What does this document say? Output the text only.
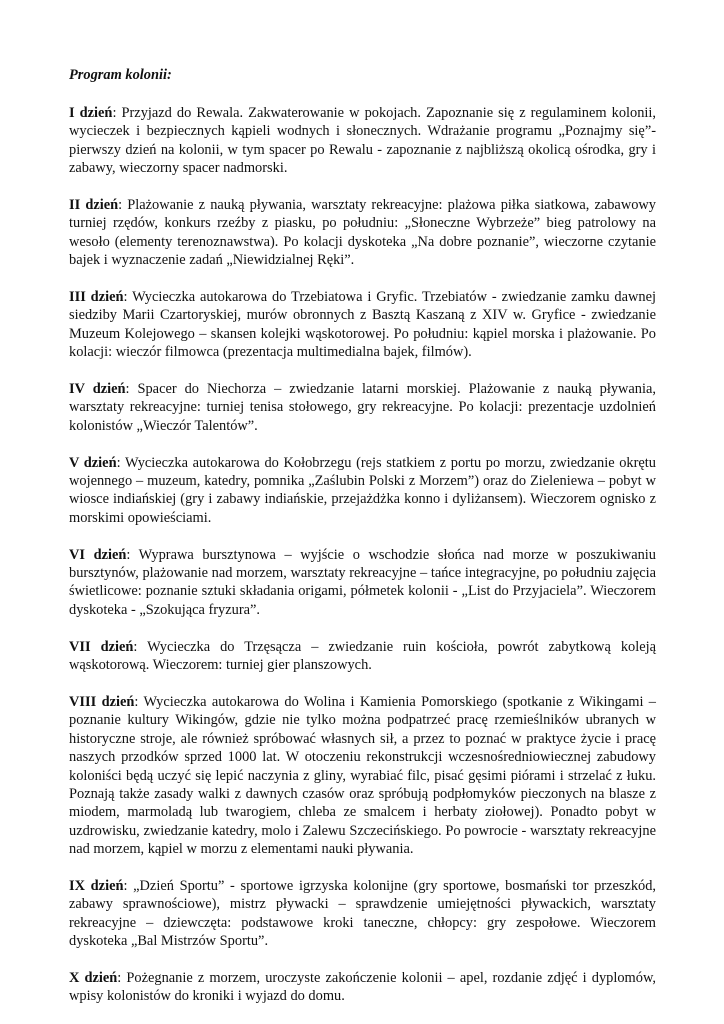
Program kolonii:

I dzień: Przyjazd do Rewala. Zakwaterowanie w pokojach. Zapoznanie się z regulaminem kolonii, wycieczek i bezpiecznych kąpieli wodnych i słonecznych. Wdrażanie programu „Poznajmy się”- pierwszy dzień na kolonii, w tym spacer po Rewalu - zapoznanie z najbliższą okolicą ośrodka, gry i zabawy, wieczorny spacer nadmorski.

II dzień: Plażowanie z nauką pływania, warsztaty rekreacyjne: plażowa piłka siatkowa, zabawowy turniej rzędów, konkurs rzeźby z piasku, po południu: „Słoneczne Wybrzeże” bieg patrolowy na wesoło (elementy terenoznawstwa). Po kolacji dyskoteka „Na dobre poznanie”, wieczorne czytanie bajek i wyznaczenie zadań „Niewidzialnej Ręki”.

III dzień: Wycieczka autokarowa do Trzebiatowa i Gryfic. Trzebiatów - zwiedzanie zamku dawnej siedziby Marii Czartoryskiej, murów obronnych z Basztą Kaszaną z XIV w. Gryfice - zwiedzanie Muzeum Kolejowego – skansen kolejki wąskotorowej. Po południu: kąpiel morska i plażowanie. Po kolacji: wieczór filmowca (prezentacja multimedialna bajek, filmów).

IV dzień: Spacer do Niechorza – zwiedzanie latarni morskiej. Plażowanie z nauką pływania, warsztaty rekreacyjne: turniej tenisa stołowego, gry rekreacyjne. Po kolacji: prezentacje uzdolnień kolonistów „Wieczór Talentów”.

V dzień: Wycieczka autokarowa do Kołobrzegu (rejs statkiem z portu po morzu, zwiedzanie okrętu wojennego – muzeum, katedry, pomnika „Zaślubin Polski z Morzem”) oraz do Zieleniewa – pobyt w wiosce indiańskiej (gry i zabawy indiańskie, przejażdżka konno i dyliżansem). Wieczorem ognisko z morskimi opowieściami.

VI dzień: Wyprawa bursztynowa – wyjście o wschodzie słońca nad morze w poszukiwaniu bursztynów, plażowanie nad morzem, warsztaty rekreacyjne – tańce integracyjne, po południu zajęcia świetlicowe: poznanie sztuki składania origami, półmetek kolonii - „List do Przyjaciela”. Wieczorem dyskoteka - „Szokująca fryzura”.

VII dzień: Wycieczka do Trzęsącza – zwiedzanie ruin kościoła, powrót zabytkową koleją wąskotorową. Wieczorem: turniej gier planszowych.

VIII dzień: Wycieczka autokarowa do Wolina i Kamienia Pomorskiego (spotkanie z Wikingami – poznanie kultury Wikingów, gdzie nie tylko można podpatrzeć pracę rzemieślników ubranych w historyczne stroje, ale również spróbować własnych sił, a przez to poznać w praktyce życie i pracę naszych przodków sprzed 1000 lat. W otoczeniu rekonstrukcji wczesnośredniowiecznej zabudowy koloniści będą uczyć się lepić naczynia z gliny, wyrabiać filc, pisać gęsimi piórami i strzelać z łuku. Poznają także zasady walki z dawnych czasów oraz spróbują podpłomyków pieczonych na blasze z miodem, marmoladą lub twarogiem, chleba ze smalcem i herbaty ziołowej). Ponadto pobyt w uzdrowisku, zwiedzanie katedry, molo i Zalewu Szczecińskiego. Po powrocie - warsztaty rekreacyjne nad morzem, kąpiel w morzu z elementami nauki pływania.

IX dzień: „Dzień Sportu” - sportowe igrzyska kolonijne (gry sportowe, bosmański tor przeszkód, zabawy sprawnościowe), mistrz pływacki – sprawdzenie umiejętności pływackich, warsztaty rekreacyjne – dziewczęta: podstawowe kroki taneczne, chłopcy: gry zespołowe. Wieczorem dyskoteka „Bal Mistrzów Sportu”.

X dzień: Pożegnanie z morzem, uroczyste zakończenie kolonii – apel, rozdanie zdjęć i dyplomów, wpisy kolonistów do kroniki i wyjazd do domu.
